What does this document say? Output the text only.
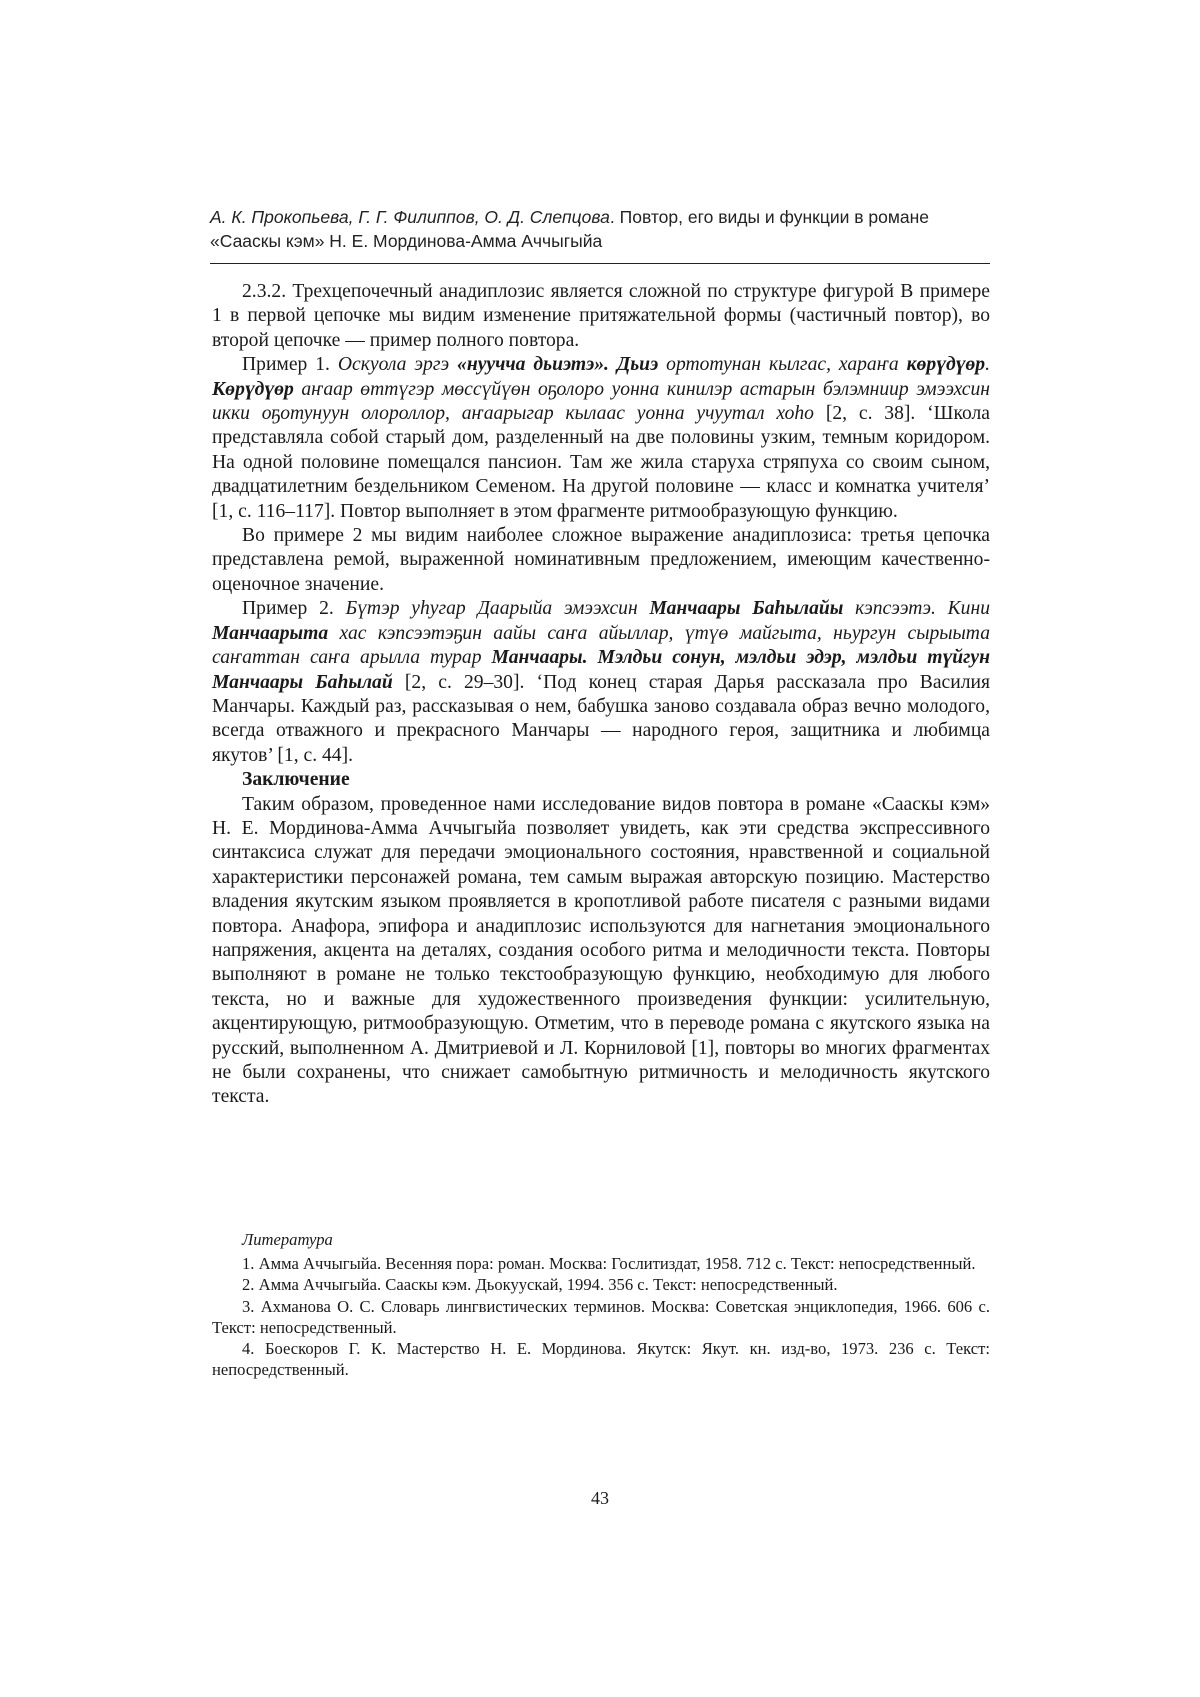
А. К. Прокопьева, Г. Г. Филиппов, О. Д. Слепцова. Повтор, его виды и функции в романе
«Сааскы кэм» Н. Е. Мординова-Амма Аччыгыйа

2.3.2. Трехцепочечный анадиплозис является сложной по структуре фигурой В примере 1 в первой цепочке мы видим изменение притяжательной формы (частичный повтор), во второй цепочке — пример полного повтора.

Пример 1. Оскуола эргэ «нуучча дьиэтэ». Дьиэ ортотунан кылгас, хараҥа көрүдүөр. Көрүдүөр аҥаар өттүгэр мөссүйүөн оҕолоро уонна кинилэр астарын бэлэмниир эмээхсин икки оҕотунуун олороллор, аҥаарыгар кылаас уонна учуутал хоһо [2, с. 38]. ‘Школа представляла собой старый дом, разделенный на две половины узким, темным коридором. На одной половине помещался пансион. Там же жила старуха стряпуха со своим сыном, двадцатилетним бездельником Семеном. На другой половине — класс и комнатка учителя’ [1, с. 116–117]. Повтор выполняет в этом фрагменте ритмообразующую функцию.

Во примере 2 мы видим наиболее сложное выражение анадиплозиса: третья цепочка представлена ремой, выраженной номинативным предложением, имеющим качественно-оценочное значение.

Пример 2. Бүтэр уһугар Даарыйа эмээхсин Манчаары Баһылайы кэпсээтэ. Кини Манчаарыта хас кэпсээтэҕин аайы саҥа айыллар, үтүө майгыта, ньургун сырыыта саҥаттан саҥа арылла турар Манчаары. Мэлдьи сонун, мэлдьи эдэр, мэлдьи түйгун Манчаары Баһылай [2, с. 29–30]. ‘Под конец старая Дарья рассказала про Василия Манчары. Каждый раз, рассказывая о нем, бабушка заново создавала образ вечно молодого, всегда отважного и прекрасного Манчары — народного героя, защитника и любимца якутов’ [1, с. 44].

Заключение

Таким образом, проведенное нами исследование видов повтора в романе «Сааскы кэм» Н. Е. Мординова-Амма Аччыгыйа позволяет увидеть, как эти средства экспрессивного синтаксиса служат для передачи эмоционального состояния, нравственной и социальной характеристики персонажей романа, тем самым выражая авторскую позицию. Мастерство владения якутским языком проявляется в кропотливой работе писателя с разными видами повтора. Анафора, эпифора и анадиплозис используются для нагнетания эмоционального напряжения, акцента на деталях, создания особого ритма и мелодичности текста. Повторы выполняют в романе не только текстообразующую функцию, необходимую для любого текста, но и важные для художественного произведения функции: усилительную, акцентирующую, ритмообразующую. Отметим, что в переводе романа с якутского языка на русский, выполненном А. Дмитриевой и Л. Корниловой [1], повторы во многих фрагментах не были сохранены, что снижает самобытную ритмичность и мелодичность якутского текста.

Литература

1. Амма Аччыгыйа. Весенняя пора: роман. Москва: Гослитиздат, 1958. 712 с. Текст: непосредственный.

2. Амма Аччыгыйа. Сааскы кэм. Дьокуускай, 1994. 356 с. Текст: непосредственный.

3. Ахманова О. С. Словарь лингвистических терминов. Москва: Советская энциклопедия, 1966. 606 с. Текст: непосредственный.

4. Боескоров Г. К. Мастерство Н. Е. Мординова. Якутск: Якут. кн. изд-во, 1973. 236 с. Текст: непосредственный.

43
